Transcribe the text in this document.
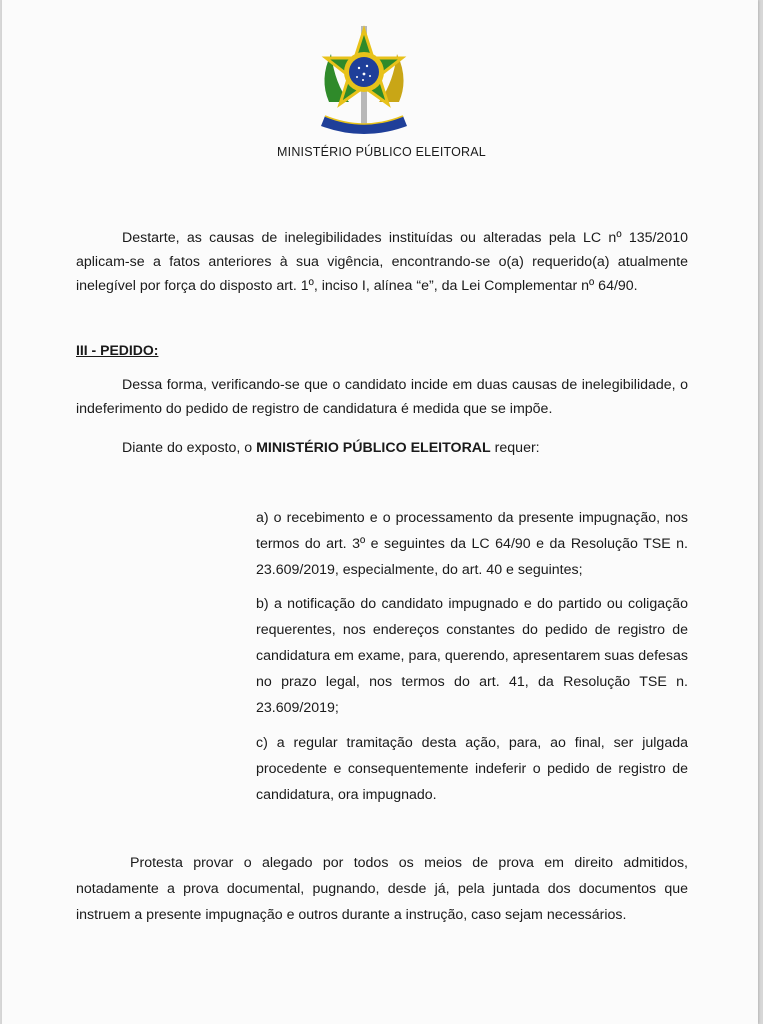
MINISTÉRIO PÚBLICO ELEITORAL
Destarte, as causas de inelegibilidades instituídas ou alteradas pela LC nº 135/2010 aplicam-se a fatos anteriores à sua vigência, encontrando-se o(a) requerido(a) atualmente inelegível por força do disposto art. 1º, inciso I, alínea “e”, da Lei Complementar nº 64/90.
III - PEDIDO:
Dessa forma, verificando-se que o candidato incide em duas causas de inelegibilidade, o indeferimento do pedido de registro de candidatura é medida que se impõe.
Diante do exposto, o MINISTÉRIO PÚBLICO ELEITORAL requer:
a) o recebimento e o processamento da presente impugnação, nos termos do art. 3º e seguintes da LC 64/90 e da Resolução TSE n. 23.609/2019, especialmente, do art. 40 e seguintes;
b) a notificação do candidato impugnado e do partido ou coligação requerentes, nos endereços constantes do pedido de registro de candidatura em exame, para, querendo, apresentarem suas defesas no prazo legal, nos termos do art. 41, da Resolução TSE n. 23.609/2019;
c) a regular tramitação desta ação, para, ao final, ser julgada procedente e consequentemente indeferir o pedido de registro de candidatura, ora impugnado.
Protesta provar o alegado por todos os meios de prova em direito admitidos, notadamente a prova documental, pugnando, desde já, pela juntada dos documentos que instruem a presente impugnação e outros durante a instrução, caso sejam necessários.
